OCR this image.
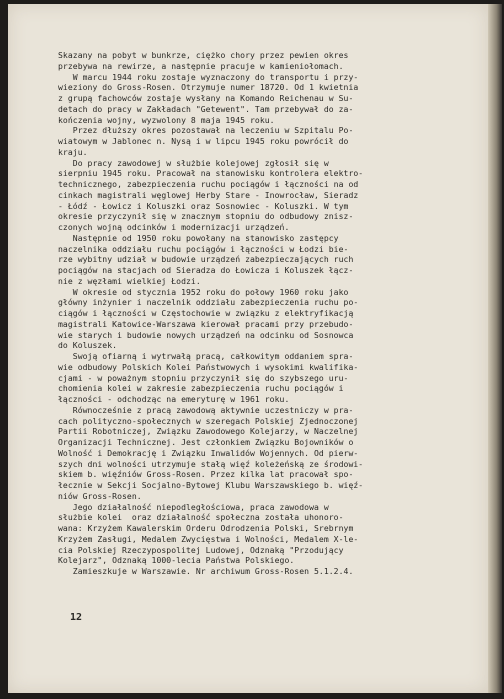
Skazany na pobyt w bunkrze, ciężko chory przez pewien okres

przebywa na rewirze, a następnie pracuje w kamieniołomach.

W marcu 1944 roku zostaje wyznaczony do transportu i przy-

wieziony do Gross-Rosen. Otrzymuje numer 18720. Od 1 kwietnia

z grupą fachowców zostaje wysłany na Komando Reichenau w Su-

detach do pracy w Zakładach "Getewent". Tam przebywał do za-

kończenia wojny, wyzwolony 8 maja 1945 roku.

Przez dłuższy okres pozostawał na leczeniu w Szpitalu Po-

wiatowym w Jablonec n. Nysą i w lipcu 1945 roku powrócił do

kraju.

Do pracy zawodowej w służbie kolejowej zgłosił się w

sierpniu 1945 roku. Pracował na stanowisku kontrolera elektro-

technicznego, zabezpieczenia ruchu pociągów i łączności na od

cinkach magistrali węglowej Herby Stare - Inowrocław, Sieradz

- Łódź - Łowicz i Koluszki oraz Sosnowiec - Koluszki. W tym

okresie przyczynił się w znacznym stopniu do odbudowy znisz-

czonych wojną odcinków i modernizacji urządzeń.

Następnie od 1950 roku powołany na stanowisko zastępcy

naczelnika oddziału ruchu pociągów i łączności w Łodzi bie-

rze wybitny udział w budowie urządzeń zabezpieczających ruch

pociągów na stacjach od Sieradza do Łowicza i Koluszek łącz-

nie z węzłami wielkiej Łodzi.

W okresie od stycznia 1952 roku do połowy 1960 roku jako

główny inżynier i naczelnik oddziału zabezpieczenia ruchu po-

ciągów i łączności w Częstochowie w związku z elektryfikacją

magistrali Katowice-Warszawa kierował pracami przy przebudo-

wie starych i budowie nowych urządzeń na odcinku od Sosnowca

do Koluszek.

Swoją ofiarną i wytrwałą pracą, całkowitym oddaniem spra-

wie odbudowy Polskich Kolei Państwowych i wysokimi kwalifika-

cjami - w poważnym stopniu przyczynił się do szybszego uru-

chomienia kolei w zakresie zabezpieczenia ruchu pociągów i

łączności - odchodząc na emeryturę w 1961 roku.

Równocześnie z pracą zawodową aktywnie uczestniczy w pra-

cach polityczno-społecznych w szeregach Polskiej Zjednoczonej

Partii Robotniczej, Związku Zawodowego Kolejarzy, w Naczelnej

Organizacji Technicznej. Jest członkiem Związku Bojowników o

Wolność i Demokrację i Związku Inwalidów Wojennych. Od pierw-

szych dni wolności utrzymuje stałą więź koleżeńską ze środowi-

skiem b. więźniów Gross-Rosen. Przez kilka lat pracował spo-

łecznie w Sekcji Socjalno-Bytowej Klubu Warszawskiego b. więź-

niów Gross-Rosen.

Jego działalność niepodległościowa, praca zawodowa w

służbie kolei  oraz działalność społeczna została uhonoro-

wana: Krzyżem Kawalerskim Orderu Odrodzenia Polski, Srebrnym

Krzyżem Zasługi, Medalem Zwycięstwa i Wolności, Medalem X-le-

cia Polskiej Rzeczypospolitej Ludowej, Odznaką "Przodujący

Kolejarz", Odznaką 1000-lecia Państwa Polskiego.

Zamieszkuje w Warszawie. Nr archiwum Gross-Rosen 5.1.2.4.

12
